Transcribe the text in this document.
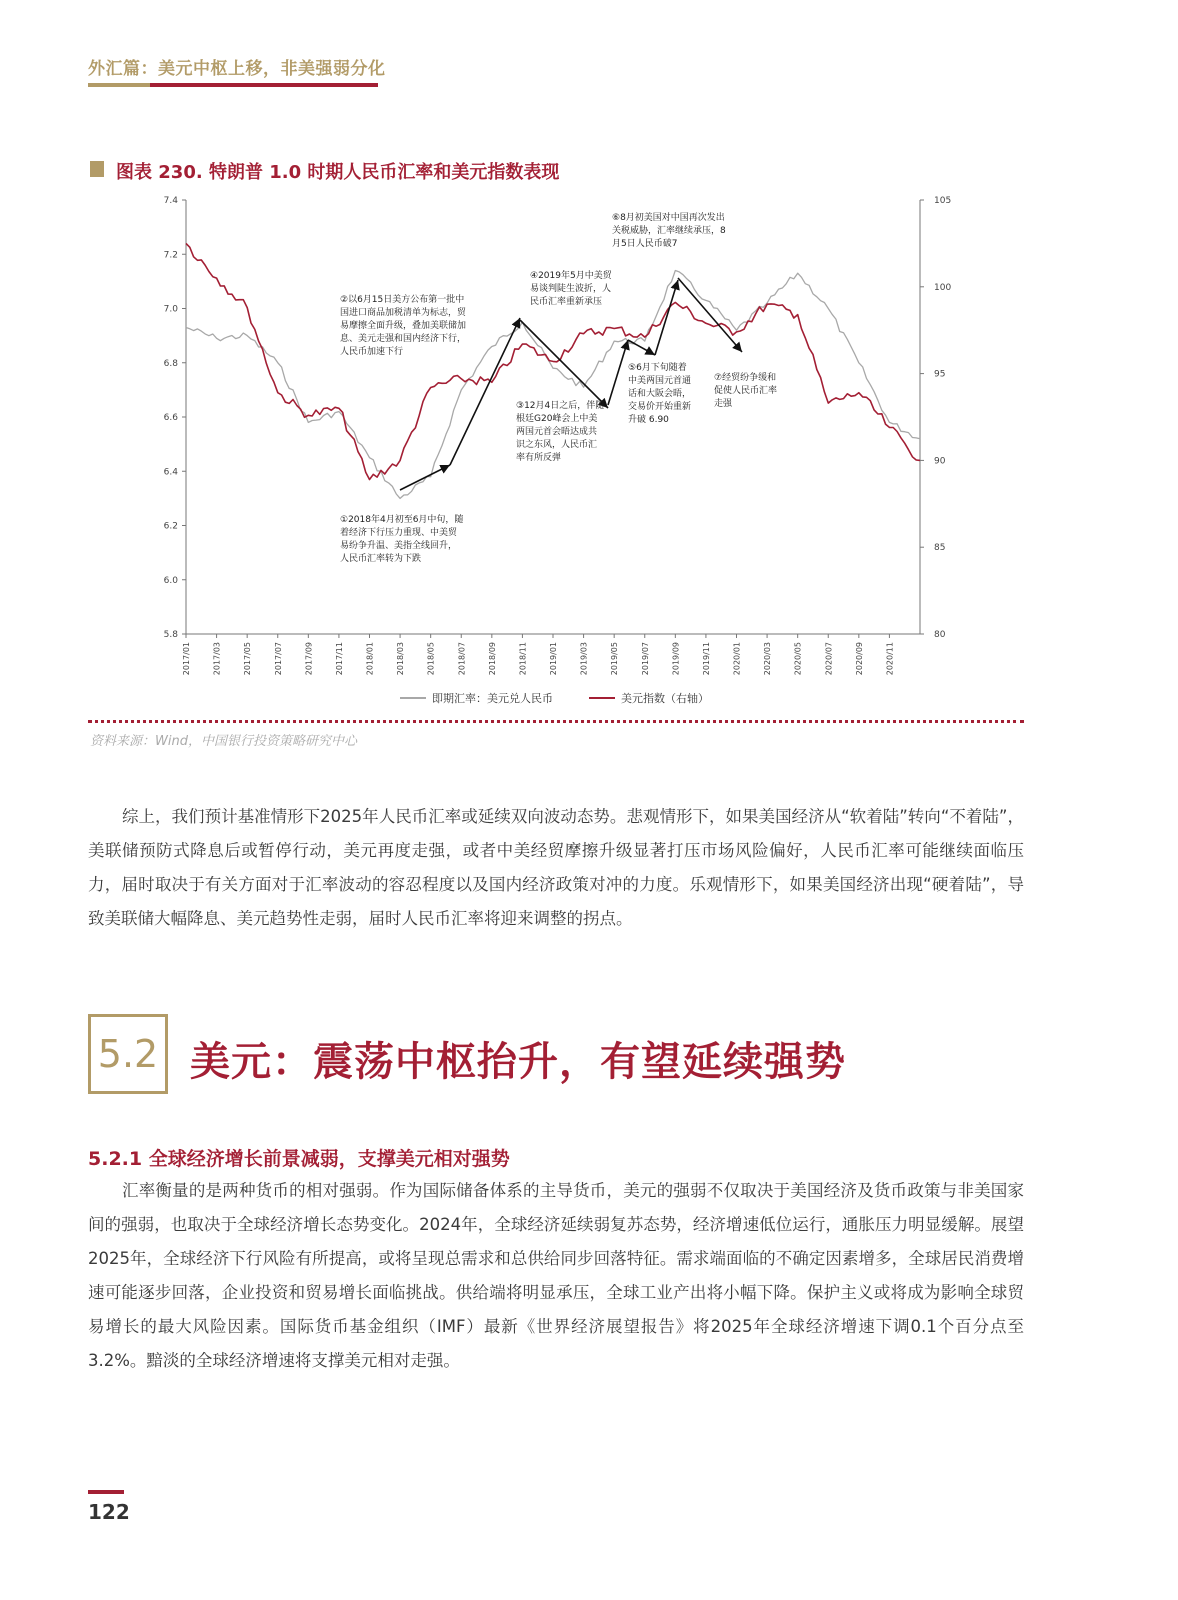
外汇篇：美元中枢上移，非美强弱分化
图表 230. 特朗普 1.0 时期人民币汇率和美元指数表现
7.4
7.2
7.0
6.8
6.6
6.4
6.2
6.0
5.8
105
100
95
90
85
80
2017/01	2017/03	2017/05	2017/07	2017/09	2017/11	2018/01	2018/03	2018/05	2018/07	2018/09	2018/11	2019/01	2019/03	2019/05	2019/07	2019/09	2019/11	2020/01	2020/03	2020/05	2020/07	2020/09	2020/11
①2018年4月初至6月中旬，随
着经济下行压力重现、中美贸
易纷争升温、美指全线回升，
人民币汇率转为下跌
②以6月15日美方公布第一批中
国进口商品加税清单为标志，贸
易摩擦全面升级，叠加美联储加
息、美元走强和国内经济下行，
人民币加速下行
③12月4日之后，伴随
根廷G20峰会上中美
两国元首会晤达成共
识之东风，人民币汇
率有所反弹
④2019年5月中美贸
易谈判陡生波折，人
民币汇率重新承压
⑤6月下旬随着
中美两国元首通
话和大阪会晤，
交易价开始重新
升破 6.90
⑥8月初美国对中国再次发出
关税威胁，汇率继续承压，8
月5日人民币破7
⑦经贸纷争缓和
促使人民币汇率
走强
即期汇率：美元兑人民币	美元指数（右轴）
资料来源：Wind，中国银行投资策略研究中心
综上，我们预计基准情形下2025年人民币汇率或延续双向波动态势。悲观情形下，如果美国经济从“软着陆”转向“不着陆”，美联储预防式降息后或暂停行动，美元再度走强，或者中美经贸摩擦升级显著打压市场风险偏好，人民币汇率可能继续面临压力，届时取决于有关方面对于汇率波动的容忍程度以及国内经济政策对冲的力度。乐观情形下，如果美国经济出现“硬着陆”，导致美联储大幅降息、美元趋势性走弱，届时人民币汇率将迎来调整的拐点。
5.2 美元：震荡中枢抬升，有望延续强势
5.2.1 全球经济增长前景减弱，支撑美元相对强势
汇率衡量的是两种货币的相对强弱。作为国际储备体系的主导货币，美元的强弱不仅取决于美国经济及货币政策与非美国家间的强弱，也取决于全球经济增长态势变化。2024年，全球经济延续弱复苏态势，经济增速低位运行，通胀压力明显缓解。展望2025年，全球经济下行风险有所提高，或将呈现总需求和总供给同步回落特征。需求端面临的不确定因素增多，全球居民消费增速可能逐步回落，企业投资和贸易增长面临挑战。供给端将明显承压，全球工业产出将小幅下降。保护主义或将成为影响全球贸易增长的最大风险因素。国际货币基金组织（IMF）最新《世界经济展望报告》将2025年全球经济增速下调0.1个百分点至3.2%。黯淡的全球经济增速将支撑美元相对走强。
122
